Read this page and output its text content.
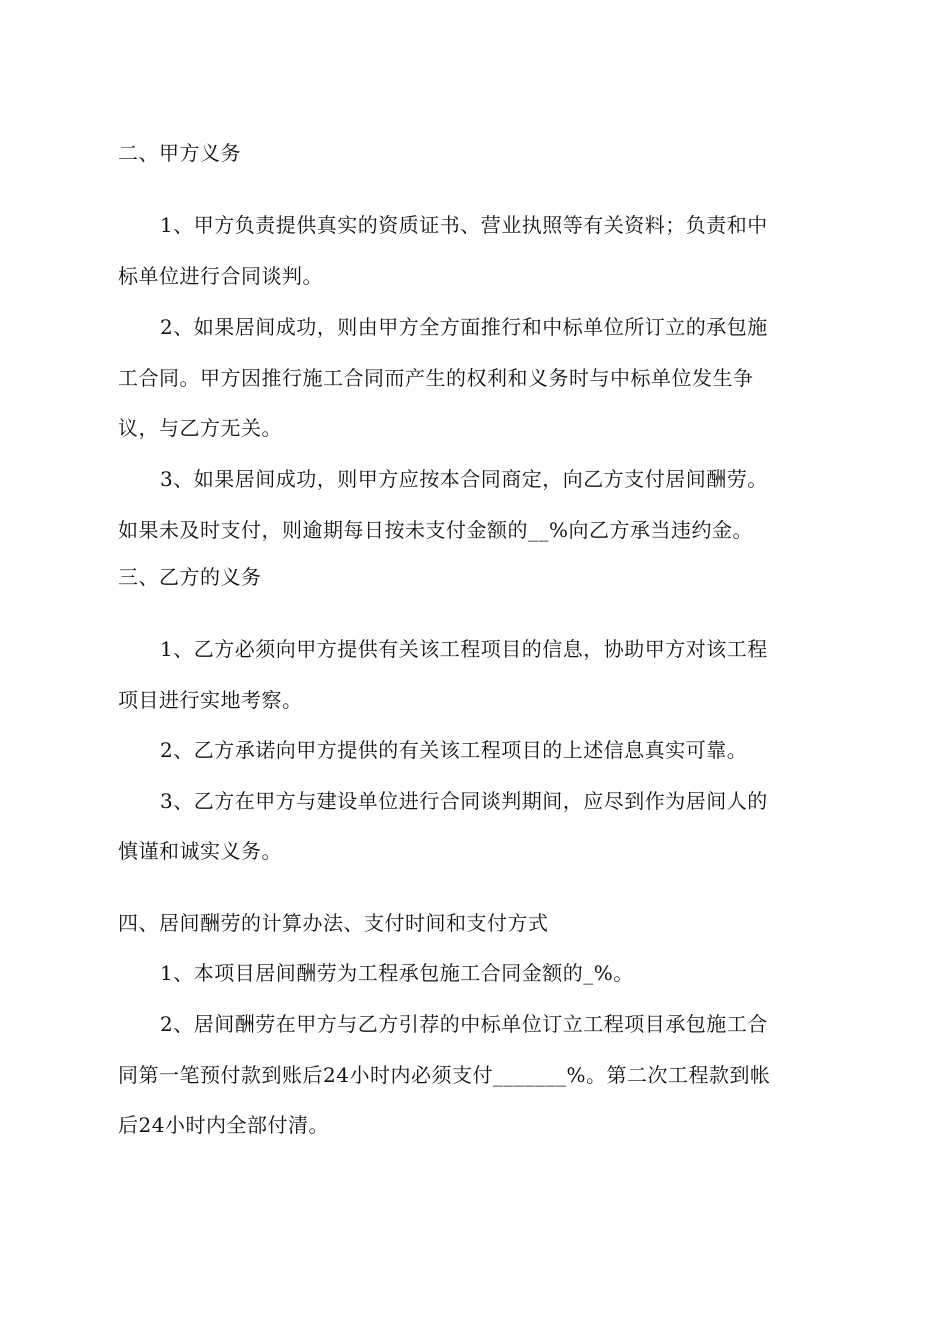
二、甲方义务
1、甲方负责提供真实的资质证书、营业执照等有关资料；负责和中
标单位进行合同谈判。
2、如果居间成功，则由甲方全方面推行和中标单位所订立的承包施
工合同。甲方因推行施工合同而产生的权利和义务时与中标单位发生争
议，与乙方无关。
3、如果居间成功，则甲方应按本合同商定，向乙方支付居间酬劳。
如果未及时支付，则逾期每日按未支付金额的__%向乙方承当违约金。
三、乙方的义务
1、乙方必须向甲方提供有关该工程项目的信息，协助甲方对该工程
项目进行实地考察。
2、乙方承诺向甲方提供的有关该工程项目的上述信息真实可靠。
3、乙方在甲方与建设单位进行合同谈判期间，应尽到作为居间人的
慎谨和诚实义务。
四、居间酬劳的计算办法、支付时间和支付方式
1、本项目居间酬劳为工程承包施工合同金额的_%。
2、居间酬劳在甲方与乙方引荐的中标单位订立工程项目承包施工合
同第一笔预付款到账后24小时内必须支付_______%。第二次工程款到帐
后24小时内全部付清。
